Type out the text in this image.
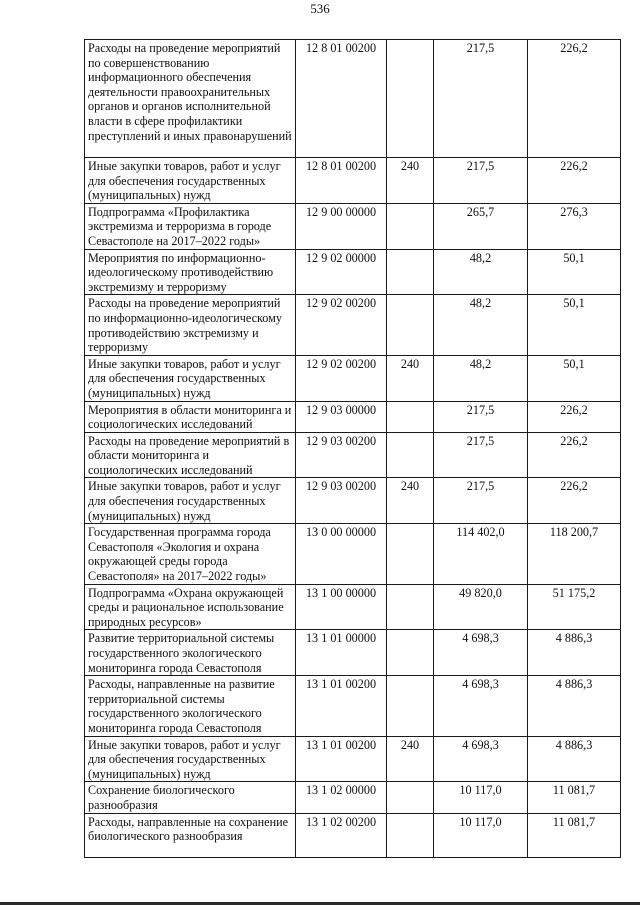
536
Расходы на проведение мероприятий по совершенствованию информационного обеспечения деятельности правоохранительных органов и органов исполнительной власти в сфере профилактики преступлений и иных правонарушений	12 8 01 00200		217,5	226,2
Иные закупки товаров, работ и услуг для обеспечения государственных (муниципальных) нужд	12 8 01 00200	240	217,5	226,2
Подпрограмма «Профилактика экстремизма и терроризма в городе Севастополе на 2017–2022 годы»	12 9 00 00000		265,7	276,3
Мероприятия по информационно-идеологическому противодействию экстремизму и терроризму	12 9 02 00000		48,2	50,1
Расходы на проведение мероприятий по информационно-идеологическому противодействию экстремизму и терроризму	12 9 02 00200		48,2	50,1
Иные закупки товаров, работ и услуг для обеспечения государственных (муниципальных) нужд	12 9 02 00200	240	48,2	50,1
Мероприятия в области мониторинга и социологических исследований	12 9 03 00000		217,5	226,2
Расходы на проведение мероприятий в области мониторинга и социологических исследований	12 9 03 00200		217,5	226,2
Иные закупки товаров, работ и услуг для обеспечения государственных (муниципальных) нужд	12 9 03 00200	240	217,5	226,2
Государственная программа города Севастополя «Экология и охрана окружающей среды города Севастополя» на 2017–2022 годы»	13 0 00 00000		114 402,0	118 200,7
Подпрограмма «Охрана окружающей среды и рациональное использование природных ресурсов»	13 1 00 00000		49 820,0	51 175,2
Развитие территориальной системы государственного экологического мониторинга города Севастополя	13 1 01 00000		4 698,3	4 886,3
Расходы, направленные на развитие территориальной системы государственного экологического мониторинга города Севастополя	13 1 01 00200		4 698,3	4 886,3
Иные закупки товаров, работ и услуг для обеспечения государственных (муниципальных) нужд	13 1 01 00200	240	4 698,3	4 886,3
Сохранение биологического разнообразия	13 1 02 00000		10 117,0	11 081,7
Расходы, направленные на сохранение биологического разнообразия	13 1 02 00200		10 117,0	11 081,7
